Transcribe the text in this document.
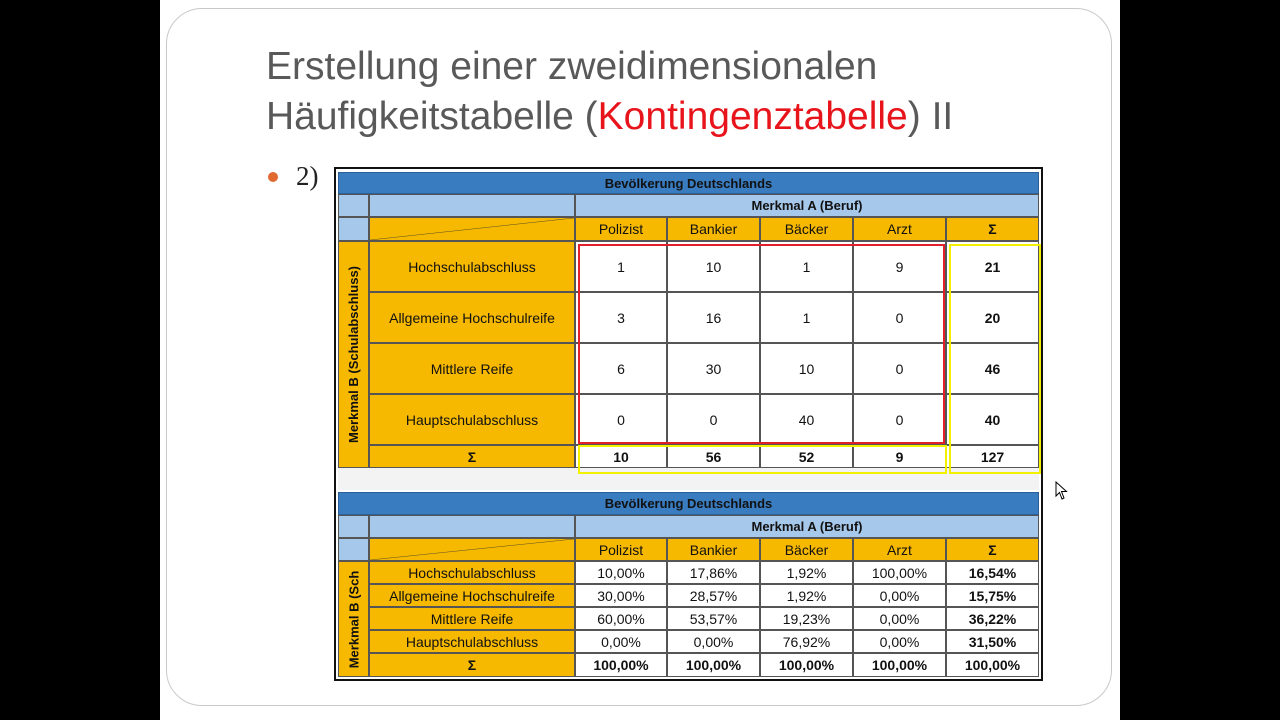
Erstellung einer zweidimensionalen Häufigkeitstabelle (Kontingenztabelle) II
2)	Bevölkerung Deutschlands
Merkmal A (Beruf)
Polizist	Bankier	Bäcker	Arzt	Σ
Merkmal B (Schulabschluss)	Hochschulabschluss	1	10	1	9	21
Allgemeine Hochschulreife	3	16	1	0	20
Mittlere Reife	6	30	10	0	46
Hauptschulabschluss	0	0	40	0	40
Σ	10	56	52	9	127
Bevölkerung Deutschlands
Merkmal A (Beruf)
Polizist	Bankier	Bäcker	Arzt	Σ
Merkmal B (Sch	Hochschulabschluss	10,00%	17,86%	1,92%	100,00%	16,54%
Allgemeine Hochschulreife	30,00%	28,57%	1,92%	0,00%	15,75%
Mittlere Reife	60,00%	53,57%	19,23%	0,00%	36,22%
Hauptschulabschluss	0,00%	0,00%	76,92%	0,00%	31,50%
Σ	100,00%	100,00%	100,00%	100,00%	100,00%
